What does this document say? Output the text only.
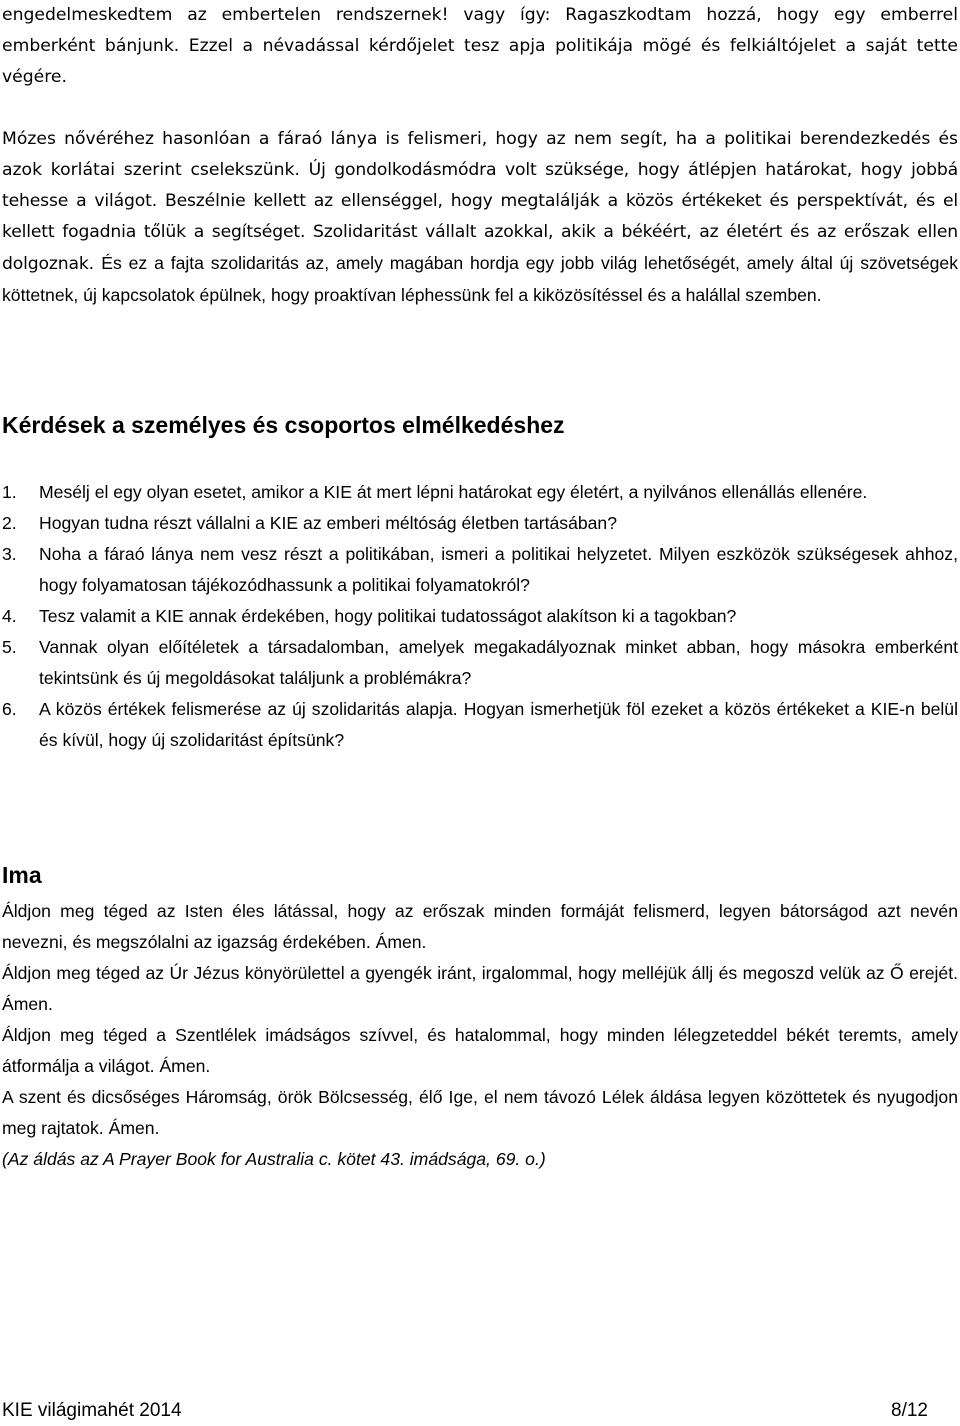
engedelmeskedtem az embertelen rendszernek! vagy így: Ragaszkodtam hozzá, hogy egy emberrel emberként bánjunk. Ezzel a névadással kérdőjelet tesz apja politikája mögé és felkiáltójelet a saját tette végére.

Mózes nővéréhez hasonlóan a fáraó lánya is felismeri, hogy az nem segít, ha a politikai berendezkedés és azok korlátai szerint cselekszünk. Új gondolkodásmódra volt szüksége, hogy átlépjen határokat, hogy jobbá tehesse a világot. Beszélnie kellett az ellenséggel, hogy megtalálják a közös értékeket és perspektívát, és el kellett fogadnia tőlük a segítséget. Szolidaritást vállalt azokkal, akik a békéért, az életért és az erőszak ellen dolgoznak. És ez a fajta szolidaritás az, amely magában hordja egy jobb világ lehetőségét, amely által új szövetségek köttetnek, új kapcsolatok épülnek, hogy proaktívan léphessünk fel a kiközösítéssel és a halállal szemben.

Kérdések a személyes és csoportos elmélkedéshez
1. Mesélj el egy olyan esetet, amikor a KIE át mert lépni határokat egy életért, a nyilvános ellenállás ellenére.
2. Hogyan tudna részt vállalni a KIE az emberi méltóság életben tartásában?
3. Noha a fáraó lánya nem vesz részt a politikában, ismeri a politikai helyzetet. Milyen eszközök szükségesek ahhoz, hogy folyamatosan tájékozódhassunk a politikai folyamatokról?
4. Tesz valamit a KIE annak érdekében, hogy politikai tudatosságot alakítson ki a tagokban?
5. Vannak olyan előítéletek a társadalomban, amelyek megakadályoznak minket abban, hogy másokra emberként tekintsünk és új megoldásokat találjunk a problémákra?
6. A közös értékek felismerése az új szolidaritás alapja. Hogyan ismerhetjük föl ezeket a közös értékeket a KIE-n belül és kívül, hogy új szolidaritást építsünk?
Ima

Áldjon meg téged az Isten éles látással, hogy az erőszak minden formáját felismerd, legyen bátorságod azt nevén nevezni, és megszólalni az igazság érdekében. Ámen.

Áldjon meg téged az Úr Jézus könyörülettel a gyengék iránt, irgalommal, hogy melléjük állj és megoszd velük az Ő erejét. Ámen.

Áldjon meg téged a Szentlélek imádságos szívvel, és hatalommal, hogy minden lélegzeteddel békét teremts, amely átformálja a világot. Ámen.

A szent és dicsőséges Háromság, örök Bölcsesség, élő Ige, el nem távozó Lélek áldása legyen közöttetek és nyugodjon meg rajtatok. Ámen.

(Az áldás az A Prayer Book for Australia c. kötet 43. imádsága, 69. o.)

KIE világimahét 2014	8/12
